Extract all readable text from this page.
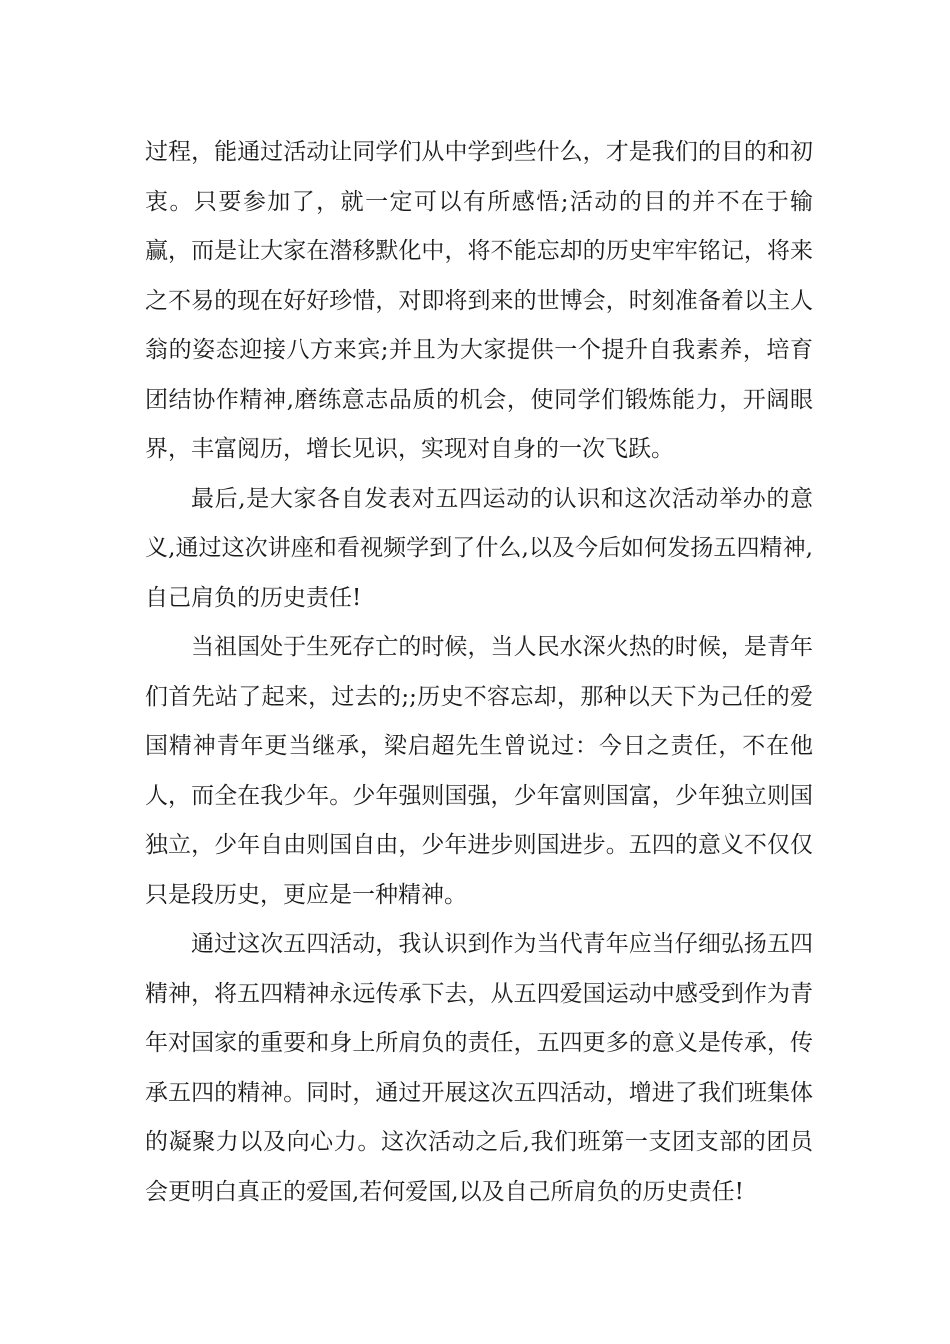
过程，能通过活动让同学们从中学到些什么，才是我们的目的和初衷。只要参加了，就一定可以有所感悟;活动的目的并不在于输赢，而是让大家在潜移默化中，将不能忘却的历史牢牢铭记，将来之不易的现在好好珍惜，对即将到来的世博会，时刻准备着以主人翁的姿态迎接八方来宾;并且为大家提供一个提升自我素养，培育团结协作精神,磨练意志品质的机会，使同学们锻炼能力，开阔眼界，丰富阅历，增长见识，实现对自身的一次飞跃。

最后,是大家各自发表对五四运动的认识和这次活动举办的意义,通过这次讲座和看视频学到了什么,以及今后如何发扬五四精神,自己肩负的历史责任!

当祖国处于生死存亡的时候，当人民水深火热的时候，是青年们首先站了起来，过去的;;历史不容忘却，那种以天下为己任的爱国精神青年更当继承，梁启超先生曾说过：今日之责任，不在他人，而全在我少年。少年强则国强，少年富则国富，少年独立则国独立，少年自由则国自由，少年进步则国进步。五四的意义不仅仅只是段历史，更应是一种精神。

通过这次五四活动，我认识到作为当代青年应当仔细弘扬五四精神，将五四精神永远传承下去，从五四爱国运动中感受到作为青年对国家的重要和身上所肩负的责任，五四更多的意义是传承，传承五四的精神。同时，通过开展这次五四活动，增进了我们班集体的凝聚力以及向心力。这次活动之后,我们班第一支团支部的团员会更明白真正的爱国,若何爱国,以及自己所肩负的历史责任!
